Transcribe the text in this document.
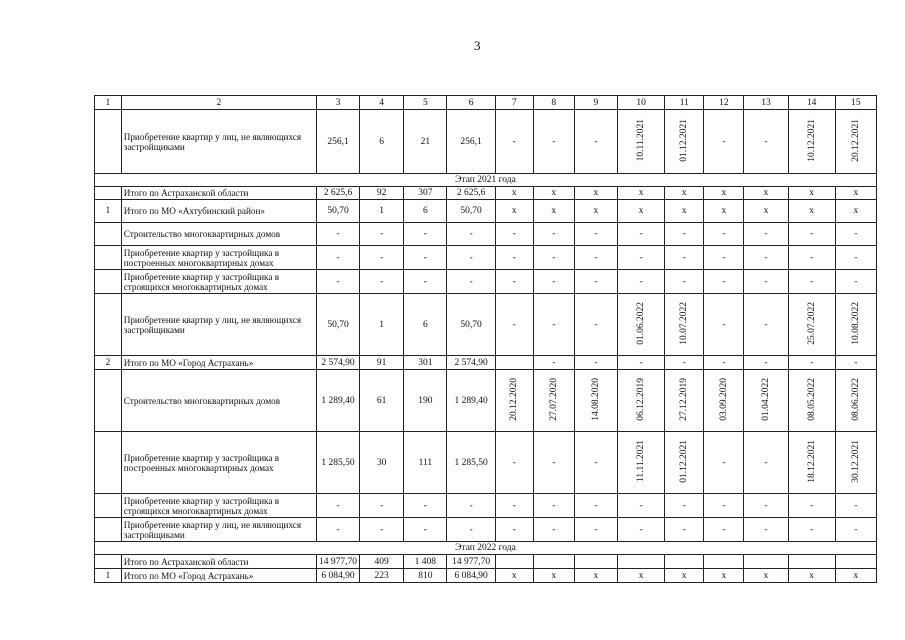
3
1	2	3	4	5	6	7	8	9	10	11	12	13	14	15
	Приобретение квартир у лиц, не являющихся застройщиками	256,1	6	21	256,1	-	-	-	10.11.2021	01.12.2021	-	-	10.12.2021	20.12.2021
Этап 2021 года														
	Итого по Астраханской области	2 625,6	92	307	2 625,6	x	x	x	x	x	x	x	x	x
1	Итого по МО «Ахтубинский район»	50,70	1	6	50,70	x	x	x	x	x	x	x	x	x
	Строительство многоквартирных домов	-	-	-	-	-	-	-	-	-	-	-	-	-
	Приобретение квартир у застройщика в построенных многоквартирных домах	-	-	-	-	-	-	-	-	-	-	-	-	-
	Приобретение квартир у застройщика в строящихся многоквартирных домах	-	-	-	-	-	-	-	-	-	-	-	-	-
	Приобретение квартир у лиц, не являющихся застройщиками	50,70	1	6	50,70	-	-	-	01.06.2022	10.07.2022	-	-	25.07.2022	10.08.2022
2	Итого по МО «Город Астрахань»	2 574,90	91	301	2 574,90		-	-	-	-	-	-	-	-
	Строительство многоквартирных домов	1 289,40	61	190	1 289,40	20.12.2020	27.07.2020	14.08.2020	06.12.2019	27.12.2019	03.09.2020	01.04.2022	08.05.2022	08.06.2022
	Приобретение квартир у застройщика в построенных многоквартирных домах	1 285,50	30	111	1 285,50	-	-	-	11.11.2021	01.12.2021	-	-	18.12.2021	30.12.2021
	Приобретение квартир у застройщика в строящихся многоквартирных домах	-	-	-	-	-	-	-	-	-	-	-	-	-
	Приобретение квартир у лиц, не являющихся застройщиками	-	-	-	-	-	-	-	-	-	-	-	-	-
Этап 2022 года														
	Итого по Астраханской области	14 977,70	409	1 408	14 977,70									
1	Итого по МО «Город Астрахань»	6 084,90	223	810	6 084,90	x	x	x	x	x	x	x	x	x
